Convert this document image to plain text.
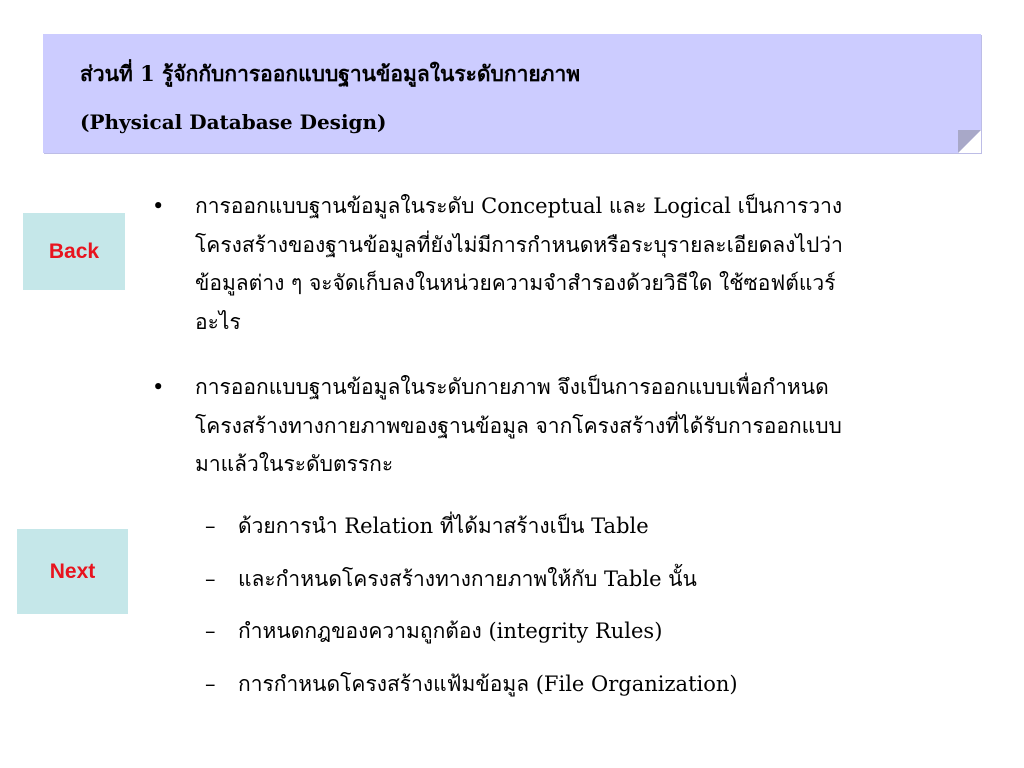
ส่วนที่ 1 รู้จักกับการออกแบบฐานข้อมูลในระดับกายภาพ
(Physical Database Design)
Back
Next
• การออกแบบฐานข้อมูลในระดับ Conceptual และ Logical เป็นการวาง
โครงสร้างของฐานข้อมูลที่ยังไม่มีการกำหนดหรือระบุรายละเอียดลงไปว่า
ข้อมูลต่าง ๆ จะจัดเก็บลงในหน่วยความจำสำรองด้วยวิธีใด ใช้ซอฟต์แวร์
อะไร
• การออกแบบฐานข้อมูลในระดับกายภาพ จึงเป็นการออกแบบเพื่อกำหนด
โครงสร้างทางกายภาพของฐานข้อมูล จากโครงสร้างที่ได้รับการออกแบบ
มาแล้วในระดับตรรกะ
– ด้วยการนำ Relation ที่ได้มาสร้างเป็น Table
– และกำหนดโครงสร้างทางกายภาพให้กับ Table นั้น
– กำหนดกฎของความถูกต้อง (integrity Rules)
– การกำหนดโครงสร้างแฟ้มข้อมูล (File Organization)
